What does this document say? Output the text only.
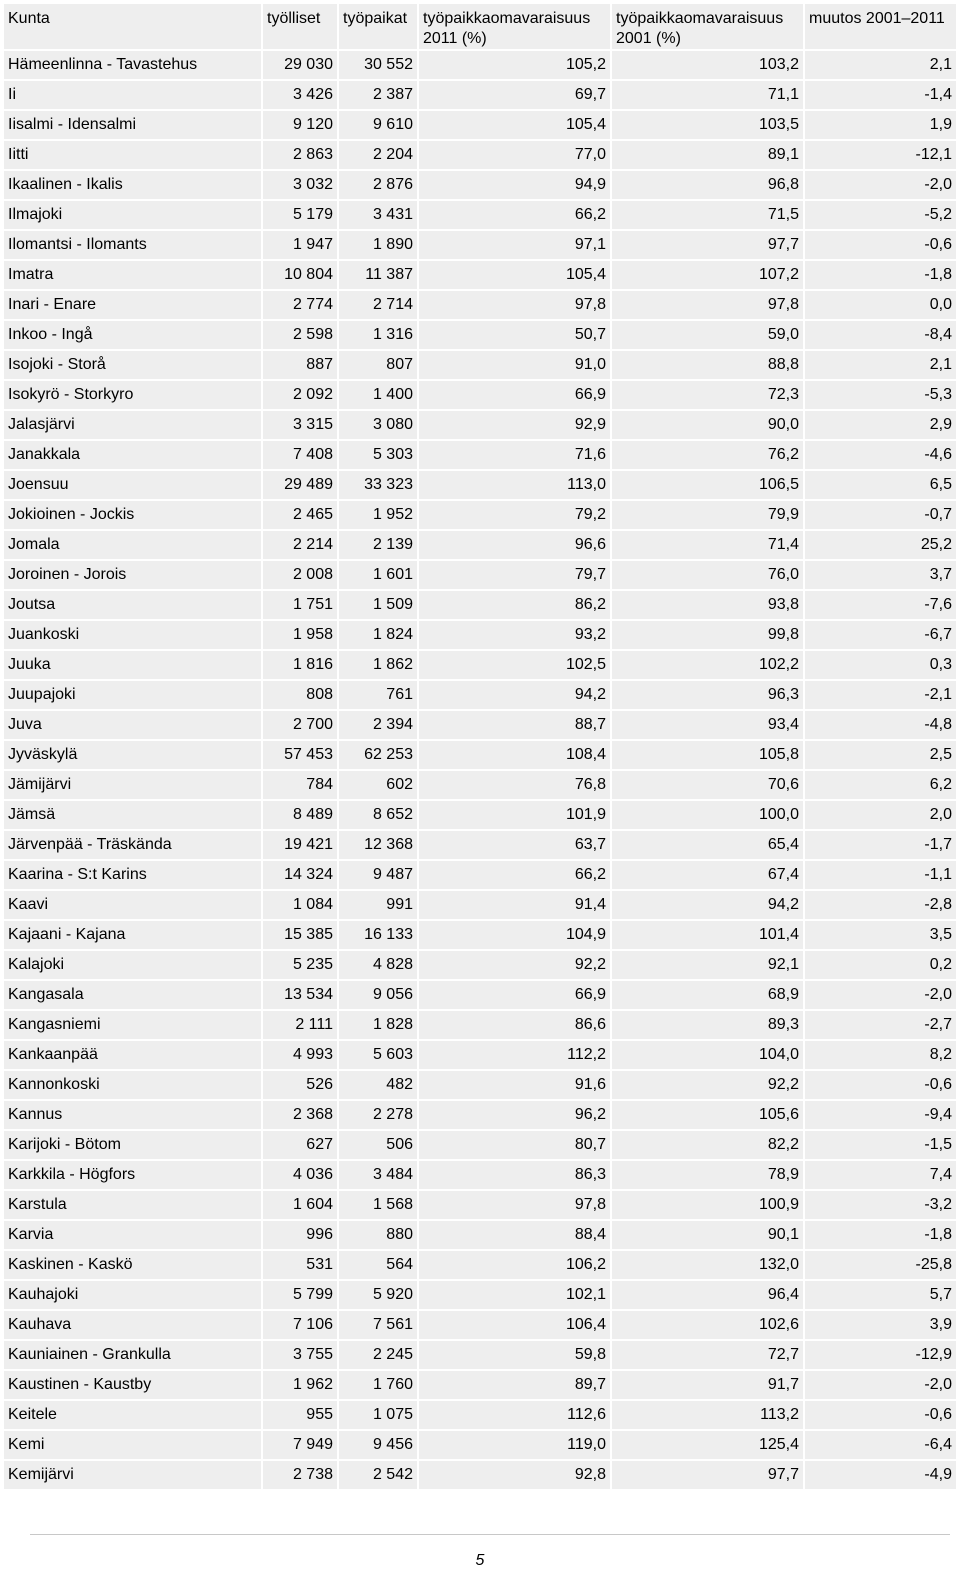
Kunta	työlliset	työpaikat	työpaikkaomavaraisuus 2011 (%)	työpaikkaomavaraisuus 2001 (%)	muutos 2001–2011
Hämeenlinna - Tavastehus	29 030	30 552	105,2	103,2	2,1
Ii	3 426	2 387	69,7	71,1	-1,4
Iisalmi - Idensalmi	9 120	9 610	105,4	103,5	1,9
Iitti	2 863	2 204	77,0	89,1	-12,1
Ikaalinen - Ikalis	3 032	2 876	94,9	96,8	-2,0
Ilmajoki	5 179	3 431	66,2	71,5	-5,2
Ilomantsi - Ilomants	1 947	1 890	97,1	97,7	-0,6
Imatra	10 804	11 387	105,4	107,2	-1,8
Inari - Enare	2 774	2 714	97,8	97,8	0,0
Inkoo - Ingå	2 598	1 316	50,7	59,0	-8,4
Isojoki - Storå	887	807	91,0	88,8	2,1
Isokyrö - Storkyro	2 092	1 400	66,9	72,3	-5,3
Jalasjärvi	3 315	3 080	92,9	90,0	2,9
Janakkala	7 408	5 303	71,6	76,2	-4,6
Joensuu	29 489	33 323	113,0	106,5	6,5
Jokioinen - Jockis	2 465	1 952	79,2	79,9	-0,7
Jomala	2 214	2 139	96,6	71,4	25,2
Joroinen - Jorois	2 008	1 601	79,7	76,0	3,7
Joutsa	1 751	1 509	86,2	93,8	-7,6
Juankoski	1 958	1 824	93,2	99,8	-6,7
Juuka	1 816	1 862	102,5	102,2	0,3
Juupajoki	808	761	94,2	96,3	-2,1
Juva	2 700	2 394	88,7	93,4	-4,8
Jyväskylä	57 453	62 253	108,4	105,8	2,5
Jämijärvi	784	602	76,8	70,6	6,2
Jämsä	8 489	8 652	101,9	100,0	2,0
Järvenpää - Träskända	19 421	12 368	63,7	65,4	-1,7
Kaarina - S:t Karins	14 324	9 487	66,2	67,4	-1,1
Kaavi	1 084	991	91,4	94,2	-2,8
Kajaani - Kajana	15 385	16 133	104,9	101,4	3,5
Kalajoki	5 235	4 828	92,2	92,1	0,2
Kangasala	13 534	9 056	66,9	68,9	-2,0
Kangasniemi	2 111	1 828	86,6	89,3	-2,7
Kankaanpää	4 993	5 603	112,2	104,0	8,2
Kannonkoski	526	482	91,6	92,2	-0,6
Kannus	2 368	2 278	96,2	105,6	-9,4
Karijoki - Bötom	627	506	80,7	82,2	-1,5
Karkkila - Högfors	4 036	3 484	86,3	78,9	7,4
Karstula	1 604	1 568	97,8	100,9	-3,2
Karvia	996	880	88,4	90,1	-1,8
Kaskinen - Kaskö	531	564	106,2	132,0	-25,8
Kauhajoki	5 799	5 920	102,1	96,4	5,7
Kauhava	7 106	7 561	106,4	102,6	3,9
Kauniainen - Grankulla	3 755	2 245	59,8	72,7	-12,9
Kaustinen - Kaustby	1 962	1 760	89,7	91,7	-2,0
Keitele	955	1 075	112,6	113,2	-0,6
Kemi	7 949	9 456	119,0	125,4	-6,4
Kemijärvi	2 738	2 542	92,8	97,7	-4,9
5
